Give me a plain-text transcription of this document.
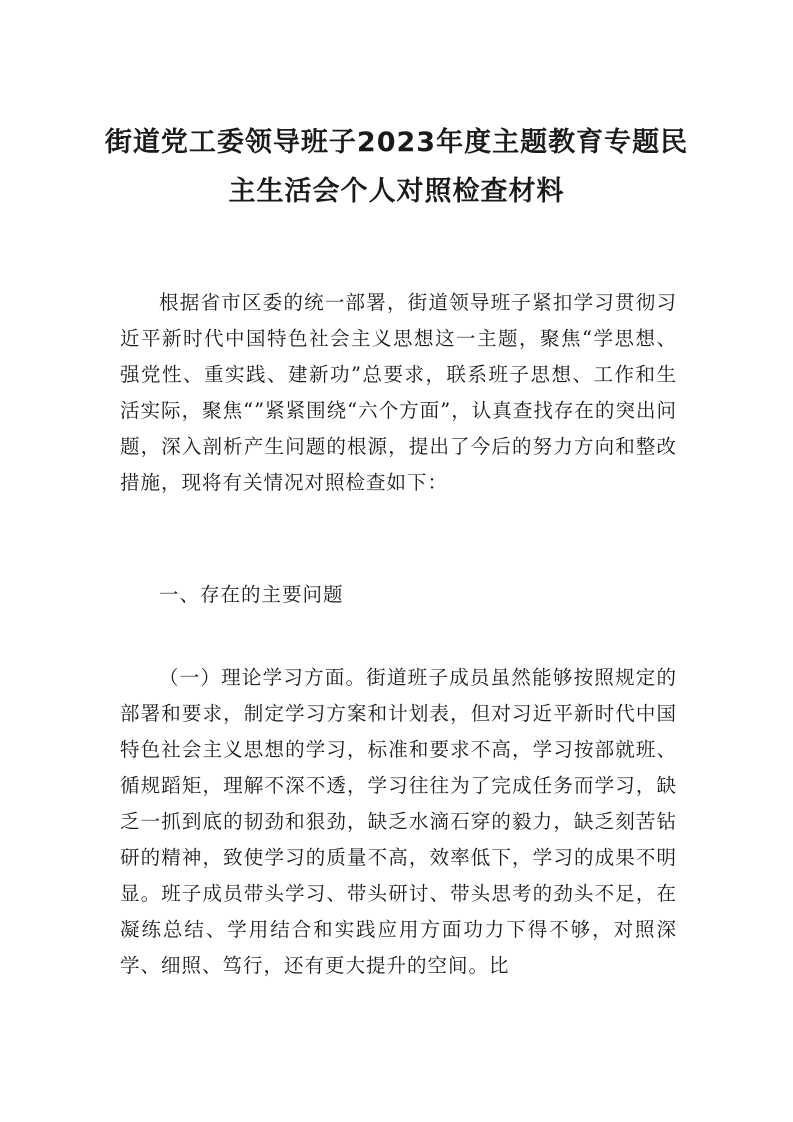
街道党工委领导班子2023年度主题教育专题民主生活会个人对照检查材料

根据省市区委的统一部署，街道领导班子紧扣学习贯彻习近平新时代中国特色社会主义思想这一主题，聚焦“学思想、强党性、重实践、建新功”总要求，联系班子思想、工作和生活实际，聚焦“”紧紧围绕“六个方面”，认真查找存在的突出问题，深入剖析产生问题的根源，提出了今后的努力方向和整改措施，现将有关情况对照检查如下：

一、存在的主要问题

（一）理论学习方面。街道班子成员虽然能够按照规定的部署和要求，制定学习方案和计划表，但对习近平新时代中国特色社会主义思想的学习，标准和要求不高，学习按部就班、循规蹈矩，理解不深不透，学习往往为了完成任务而学习，缺乏一抓到底的韧劲和狠劲，缺乏水滴石穿的毅力，缺乏刻苦钻研的精神，致使学习的质量不高，效率低下，学习的成果不明显。班子成员带头学习、带头研讨、带头思考的劲头不足，在凝练总结、学用结合和实践应用方面功力下得不够，对照深学、细照、笃行，还有更大提升的空间。比
